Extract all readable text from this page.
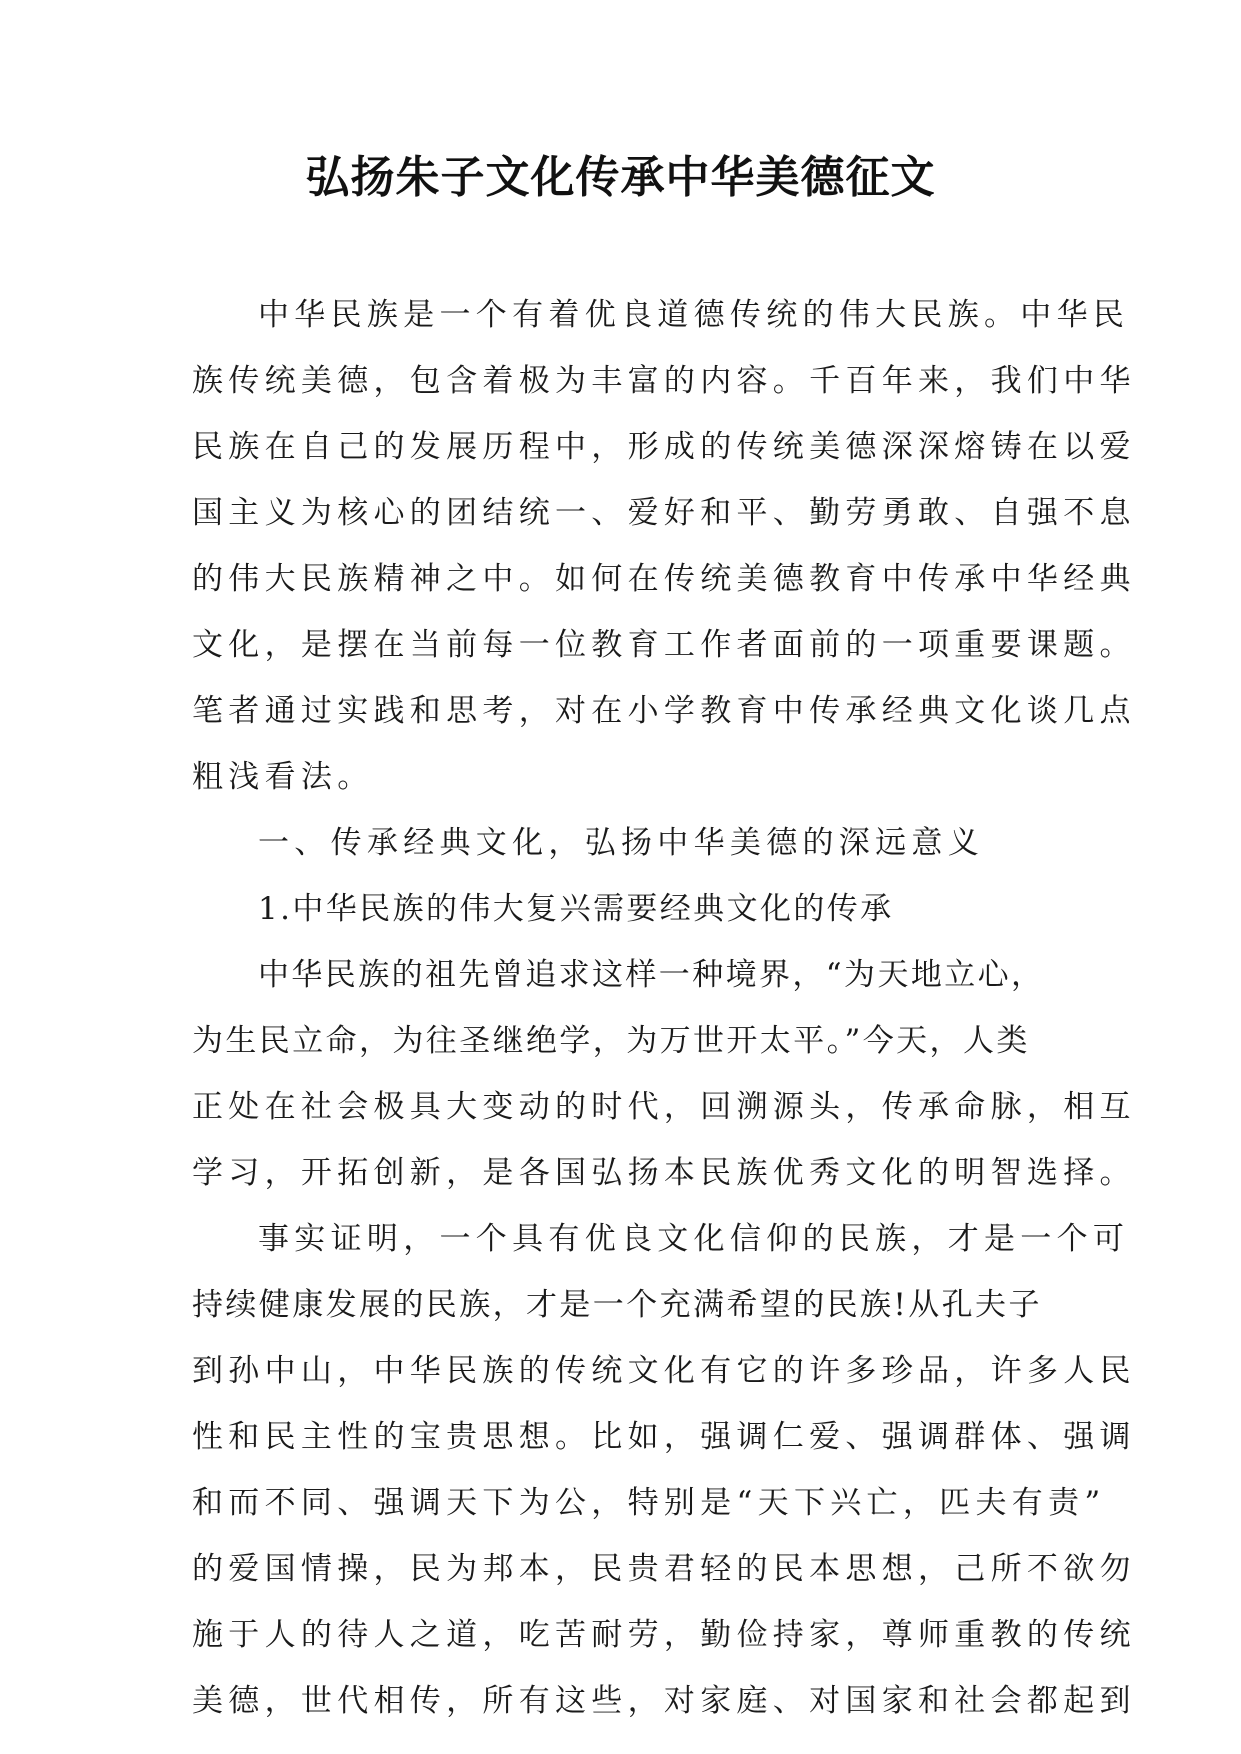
弘扬朱子文化传承中华美德征文
中华民族是一个有着优良道德传统的伟大民族。中华民
族传统美德，包含着极为丰富的内容。千百年来，我们中华
民族在自己的发展历程中，形成的传统美德深深熔铸在以爱
国主义为核心的团结统一、爱好和平、勤劳勇敢、自强不息
的伟大民族精神之中。如何在传统美德教育中传承中华经典
文化，是摆在当前每一位教育工作者面前的一项重要课题。
笔者通过实践和思考，对在小学教育中传承经典文化谈几点
粗浅看法。
一、传承经典文化，弘扬中华美德的深远意义
1.中华民族的伟大复兴需要经典文化的传承
中华民族的祖先曾追求这样一种境界，“为天地立心，
为生民立命，为往圣继绝学，为万世开太平。”今天，人类
正处在社会极具大变动的时代，回溯源头，传承命脉，相互
学习，开拓创新，是各国弘扬本民族优秀文化的明智选择。
事实证明，一个具有优良文化信仰的民族，才是一个可
持续健康发展的民族，才是一个充满希望的民族!从孔夫子
到孙中山，中华民族的传统文化有它的许多珍品，许多人民
性和民主性的宝贵思想。比如，强调仁爱、强调群体、强调
和而不同、强调天下为公，特别是“天下兴亡，匹夫有责”
的爱国情操，民为邦本，民贵君轻的民本思想，己所不欲勿
施于人的待人之道，吃苦耐劳，勤俭持家，尊师重教的传统
美德，世代相传，所有这些，对家庭、对国家和社会都起到
